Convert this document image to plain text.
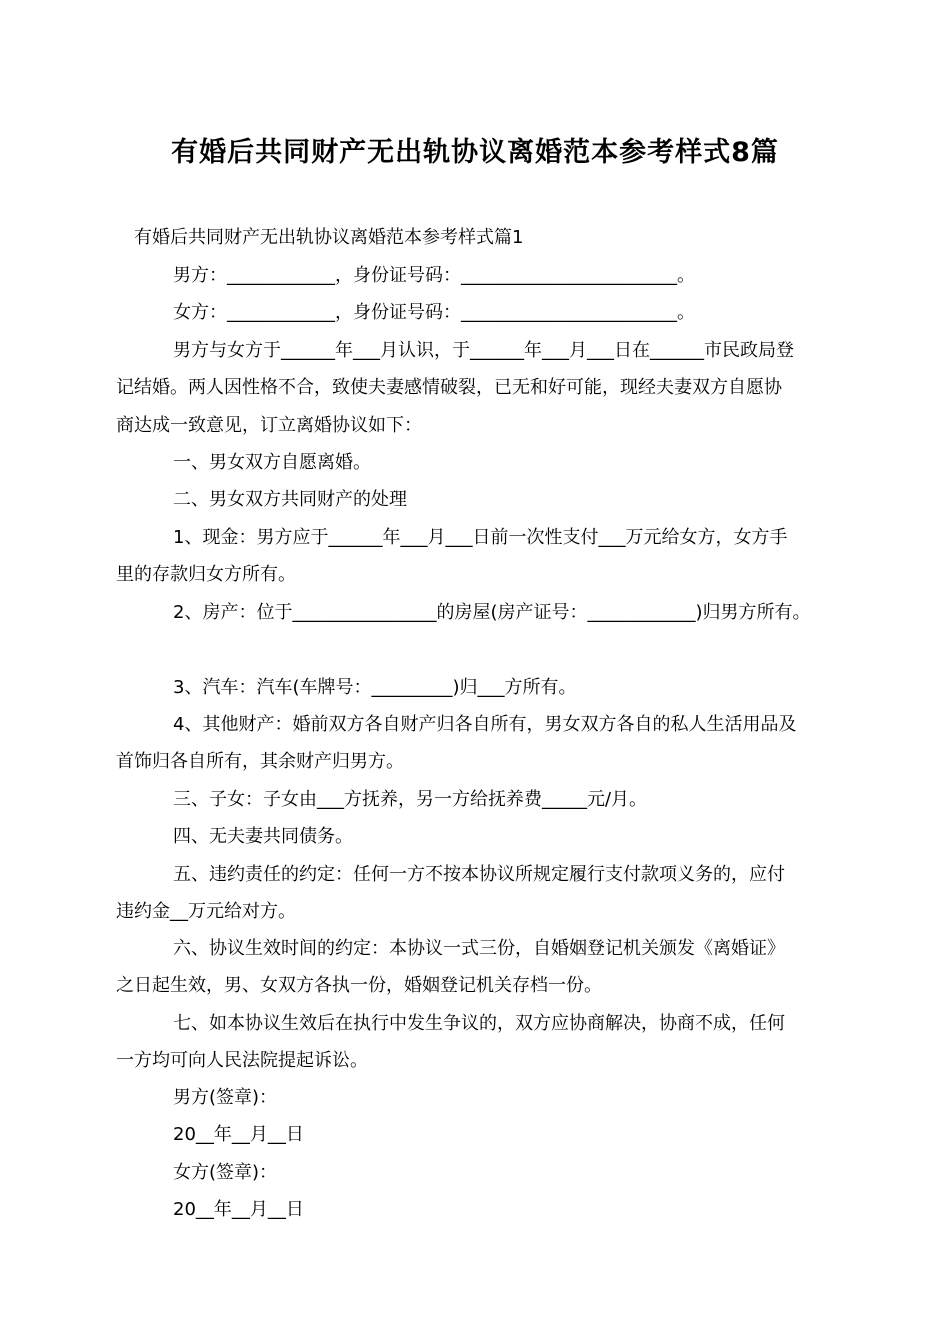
有婚后共同财产无出轨协议离婚范本参考样式8篇
有婚后共同财产无出轨协议离婚范本参考样式篇1
男方：____________，身份证号码：________________________。
女方：____________，身份证号码：________________________。
男方与女方于______年___月认识，于______年___月___日在______市民政局登
记结婚。两人因性格不合，致使夫妻感情破裂，已无和好可能，现经夫妻双方自愿协
商达成一致意见，订立离婚协议如下：
一、男女双方自愿离婚。
二、男女双方共同财产的处理
1、现金：男方应于______年___月___日前一次性支付___万元给女方，女方手
里的存款归女方所有。
2、房产：位于________________的房屋(房产证号：____________)归男方所有。
3、汽车：汽车(车牌号：_________)归___方所有。
4、其他财产：婚前双方各自财产归各自所有，男女双方各自的私人生活用品及
首饰归各自所有，其余财产归男方。
三、子女：子女由___方抚养，另一方给抚养费_____元/月。
四、无夫妻共同债务。
五、违约责任的约定：任何一方不按本协议所规定履行支付款项义务的，应付
违约金__万元给对方。
六、协议生效时间的约定：本协议一式三份，自婚姻登记机关颁发《离婚证》
之日起生效，男、女双方各执一份，婚姻登记机关存档一份。
七、如本协议生效后在执行中发生争议的，双方应协商解决，协商不成，任何
一方均可向人民法院提起诉讼。
男方(签章)：
20__年__月__日
女方(签章)：
20__年__月__日
